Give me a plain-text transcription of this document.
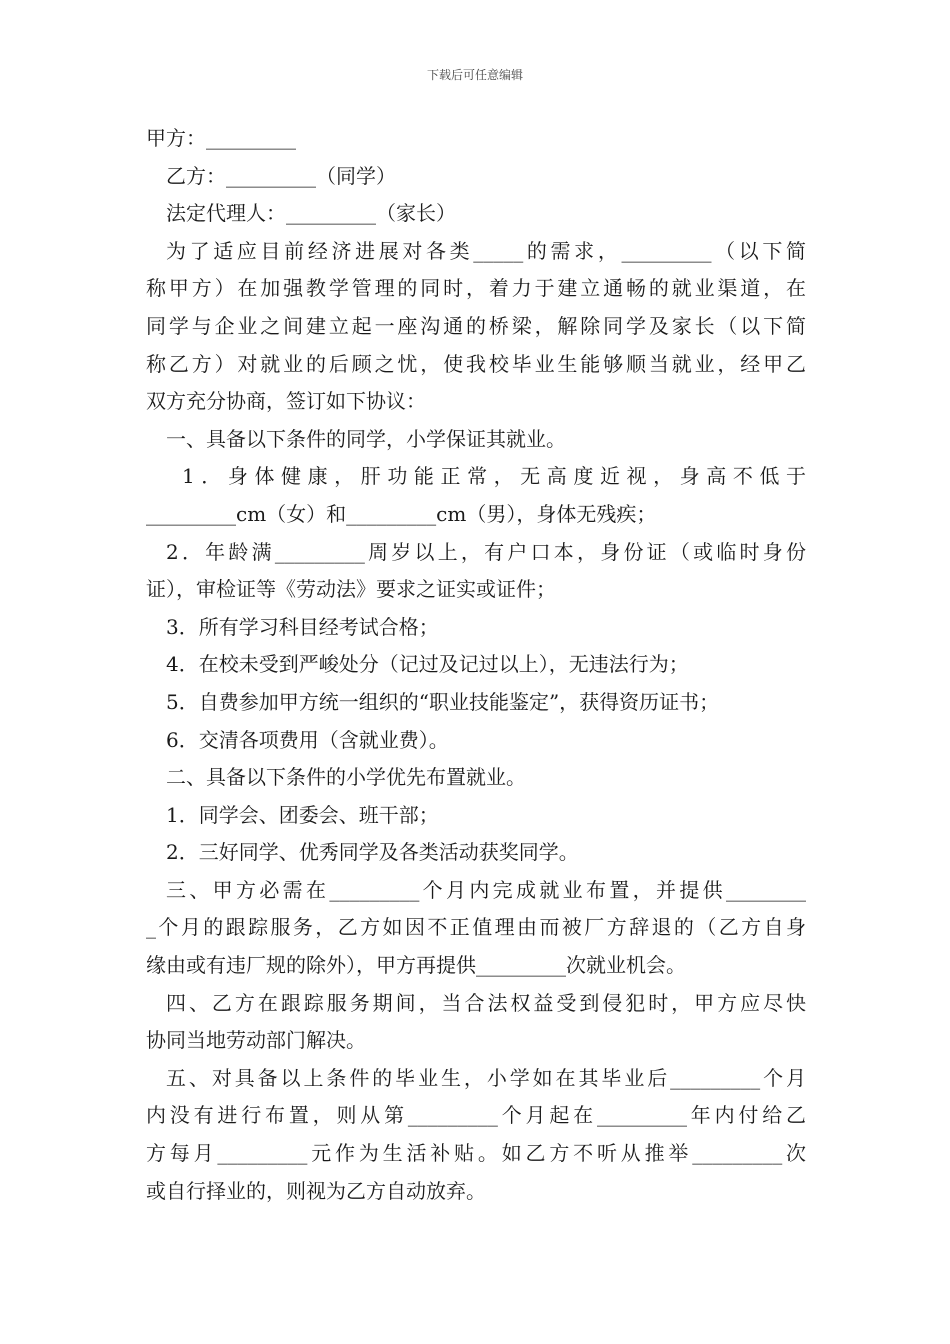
下载后可任意编辑
甲方：_________
乙方：_________（同学）
法定代理人：_________（家长）
为了适应目前经济进展对各类_____的需求，_________（以下简
称甲方）在加强教学管理的同时，着力于建立通畅的就业渠道，在
同学与企业之间建立起一座沟通的桥梁，解除同学及家长（以下简
称乙方）对就业的后顾之忧，使我校毕业生能够顺当就业，经甲乙
双方充分协商，签订如下协议：
一、具备以下条件的同学，小学保证其就业。
1．身体健康，肝功能正常，无高度近视，身高不低于
_________cm（女）和_________cm（男），身体无残疾；
2．年龄满_________周岁以上，有户口本，身份证（或临时身份
证），审检证等《劳动法》要求之证实或证件；
3．所有学习科目经考试合格；
4．在校未受到严峻处分（记过及记过以上），无违法行为；
5．自费参加甲方统一组织的“职业技能鉴定”，获得资历证书；
6．交清各项费用（含就业费）。
二、具备以下条件的小学优先布置就业。
1．同学会、团委会、班干部；
2．三好同学、优秀同学及各类活动获奖同学。
三、甲方必需在_________个月内完成就业布置，并提供________
_个月的跟踪服务，乙方如因不正值理由而被厂方辞退的（乙方自身
缘由或有违厂规的除外），甲方再提供_________次就业机会。
四、乙方在跟踪服务期间，当合法权益受到侵犯时，甲方应尽快
协同当地劳动部门解决。
五、对具备以上条件的毕业生，小学如在其毕业后_________个月
内没有进行布置，则从第_________个月起在_________年内付给乙
方每月_________元作为生活补贴。如乙方不听从推举_________次
或自行择业的，则视为乙方自动放弃。
